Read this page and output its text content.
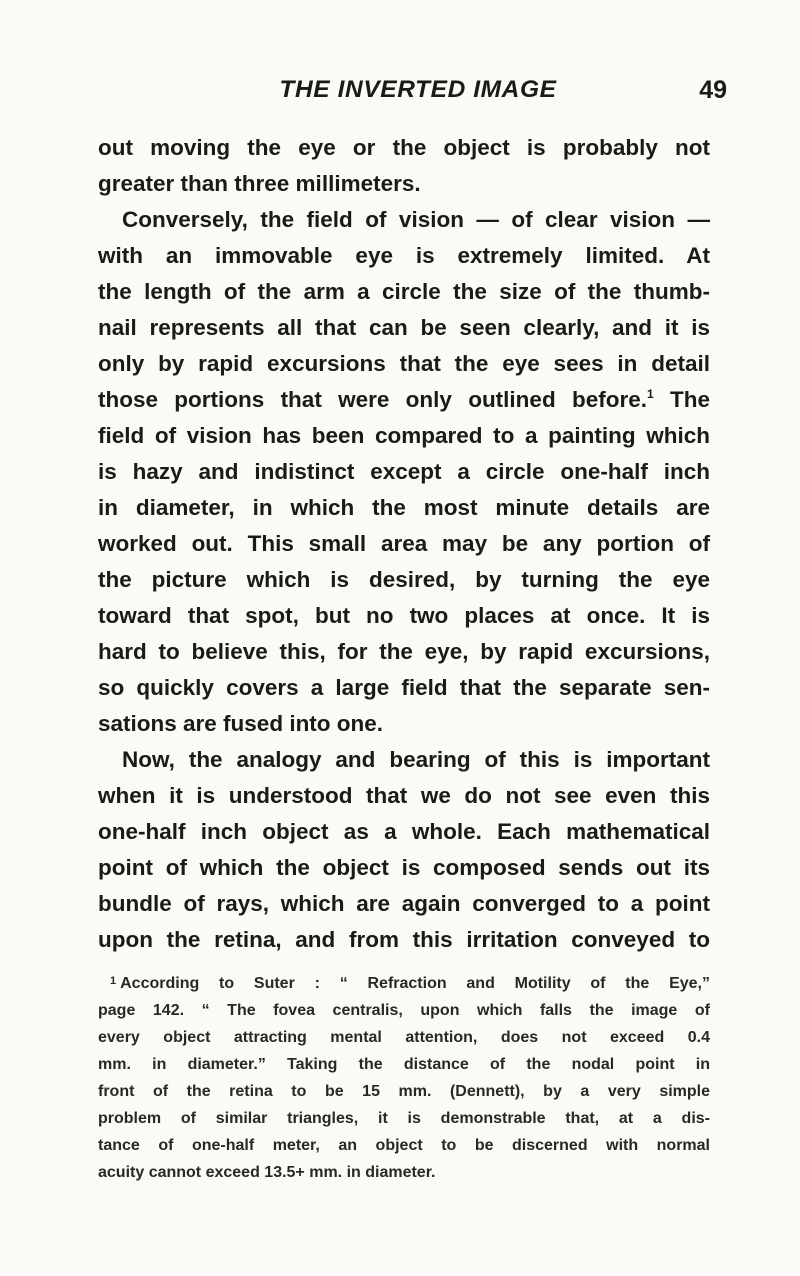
THE INVERTED IMAGE	49
out moving the eye or the object is probably not
greater than three millimeters.
Conversely, the field of vision — of clear vision —
with an immovable eye is extremely limited. At
the length of the arm a circle the size of the thumb-
nail represents all that can be seen clearly, and it is
only by rapid excursions that the eye sees in detail
those portions that were only outlined before.$^1$ The
field of vision has been compared to a painting which
is hazy and indistinct except a circle one-half inch
in diameter, in which the most minute details are
worked out. This small area may be any portion of
the picture which is desired, by turning the eye
toward that spot, but no two places at once. It is
hard to believe this, for the eye, by rapid excursions,
so quickly covers a large field that the separate sen-
sations are fused into one.
Now, the analogy and bearing of this is important
when it is understood that we do not see even this
one-half inch object as a whole. Each mathematical
point of which the object is composed sends out its
bundle of rays, which are again converged to a point
upon the retina, and from this irritation conveyed to
$^1$ According to Suter : “ Refraction and Motility of the Eye,”
page 142. “ The fovea centralis, upon which falls the image of
every object attracting mental attention, does not exceed 0.4
mm. in diameter.” Taking the distance of the nodal point in
front of the retina to be 15 mm. (Dennett), by a very simple
problem of similar triangles, it is demonstrable that, at a dis-
tance of one-half meter, an object to be discerned with normal
acuity cannot exceed 13.5+ mm. in diameter.
